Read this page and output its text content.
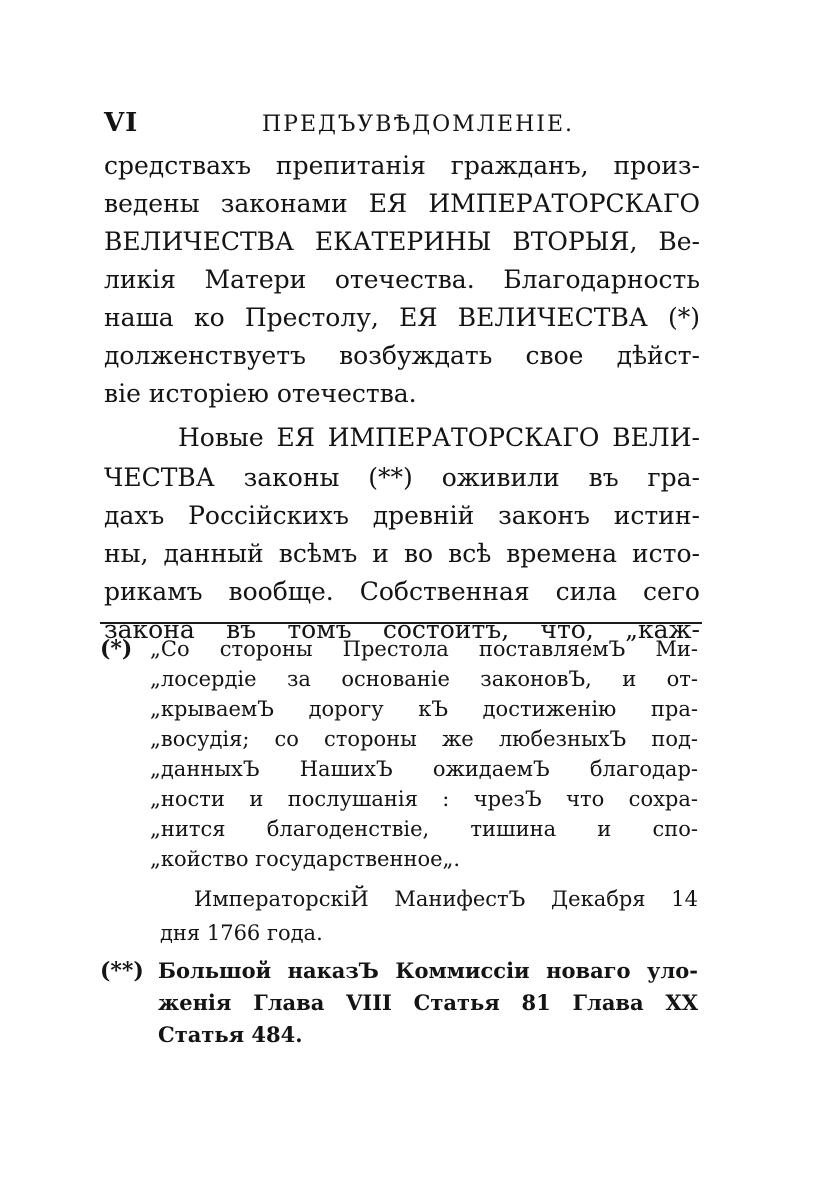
VI	ПРЕДЪУВѢДОМЛЕНІЕ.
средствахъ препитанія гражданъ, произ-
ведены законами ЕЯ ИМПЕРАТОРСКАГО
ВЕЛИЧЕСТВА ЕКАТЕРИНЫ ВТОРЫЯ, Ве-
ликія Матери отечества. Благодарность
наша ко Престолу, ЕЯ ВЕЛИЧЕСТВА (*)
долженствуетъ возбуждать свое дѣйст-
віе исторіею отечества.
Новые ЕЯ ИМПЕРАТОРСКАГО ВЕЛИ-
ЧЕСТВА законы (**) оживили въ гра-
дахъ Россійскихъ древній законъ истин-
ны, данный всѣмъ и во всѣ времена исто-
рикамъ вообще. Собственная сила сего
закона въ томъ состоитъ, что, „каж-
(*) „Со стороны Престола поставляемЪ Ми-
„лосердіе за основаніе законовЪ, и от-
„крываемЪ дорогу кЪ достиженію пра-
„восудія; со стороны же любезныхЪ под-
„данныхЪ НашихЪ ожидаемЪ благодар-
„ности и послушанія : чрезЪ что сохра-
„нится благоденствіе, тишина и спо-
„койство государственное„.
ИмператорскіЙ МанифестЪ Декабря 14
дня 1766 года.
(**) Большой наказЪ Коммиссіи новаго уло-
женія Глава VIII Статья 81 Глава XX
Статья 484.
